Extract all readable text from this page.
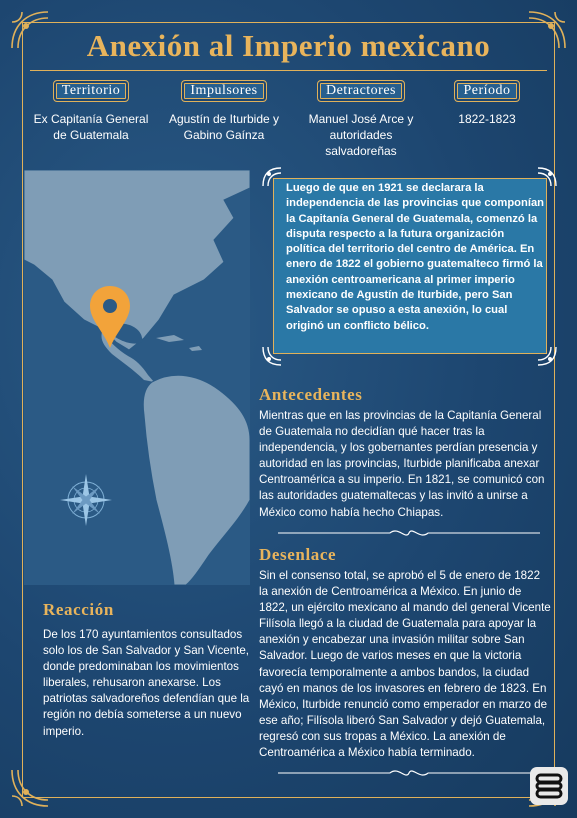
Anexión al Imperio mexicano
Territorio
Ex Capitanía General de Guatemala
Impulsores
Agustín de Iturbide y Gabino Gaínza
Detractores
Manuel José Arce y autoridades salvadoreñas
Período
1822-1823
Luego de que en 1921 se declarara la independencia de las provincias que componían la Capitanía General de Guatemala, comenzó la disputa respecto a la futura organización política del territorio del centro de América. En enero de 1822 el gobierno guatemalteco firmó la anexión centroamericana al primer imperio mexicano de Agustín de Iturbide, pero San Salvador se opuso a esta anexión, lo cual originó un conflicto bélico.
Antecedentes
Mientras que en las provincias de la Capitanía General de Guatemala no decidían qué hacer tras la independencia, y los gobernantes perdían presencia y autoridad en las provincias, Iturbide planificaba anexar Centroamérica a su imperio. En 1821, se comunicó con las autoridades guatemaltecas y las invitó a unirse a México como había hecho Chiapas.
Desenlace
Sin el consenso total, se aprobó el 5 de enero de 1822 la anexión de Centroamérica a México. En junio de 1822, un ejército mexicano al mando del general Vicente Filísola llegó a la ciudad de Guatemala para apoyar la anexión y encabezar una invasión militar sobre San Salvador. Luego de varios meses en que la victoria favorecía temporalmente a ambos bandos, la ciudad cayó en manos de los invasores en febrero de 1823. En México, Iturbide renunció como emperador en marzo de ese año; Filísola liberó San Salvador y dejó Guatemala, regresó con sus tropas a México. La anexión de Centroamérica a México había terminado.
Reacción
De los 170 ayuntamientos consultados solo los de San Salvador y San Vicente, donde predominaban los movimientos liberales, rehusaron anexarse. Los patriotas salvadoreños defendían que la región no debía someterse a un nuevo imperio.
